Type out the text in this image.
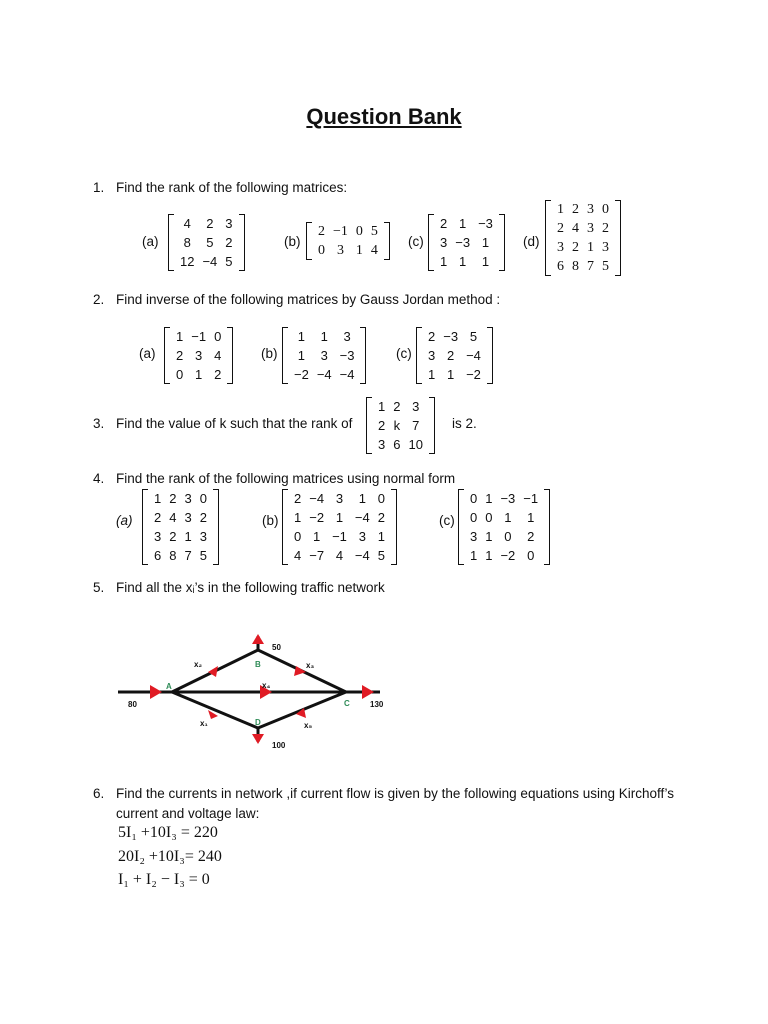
Question Bank
1. Find the rank of the following matrices:
(a)
4	2	3
8	5	2
12	−4	5
(b)
2	−1	0	5
0	3	1	4
(c)
2	1	−3
3	−3	1
1	1	1
(d)
1	2	3	0
2	4	3	2
3	2	1	3
6	8	7	5
2. Find inverse of the following matrices by Gauss Jordan method :
(a)
1	−1	0
2	3	4
0	1	2
(b)
1	1	3
1	3	−3
−2	−4	−4
(c)
2	−3	5
3	2	−4
1	1	−2
3. Find the value of k such that the rank of
1	2	3
2	k	7
3	6	10
is 2.
4. Find the rank of the following matrices using normal form
(a)
1	2	3	0
2	4	3	2
3	2	1	3
6	8	7	5
(b)
2	−4	3	1	0
1	−2	1	−4	2
0	1	−1	3	1
4	−7	4	−4	5
(c)
0	1	−3	−1
0	0	1	1
3	1	0	2
1	1	−2	0
5. Find all the xᵢ’s in the following traffic network
A
B
C
D
x₁
x₂	x₃
x₄
x₅
80
50
130
100
6. Find the currents in network ,if current flow is given by the following equations using Kirchoff’s
current and voltage law:
5I₁ +10I₃ = 220
20I₂ +10I₃= 240
I₁ + I₂ − I₃ = 0
